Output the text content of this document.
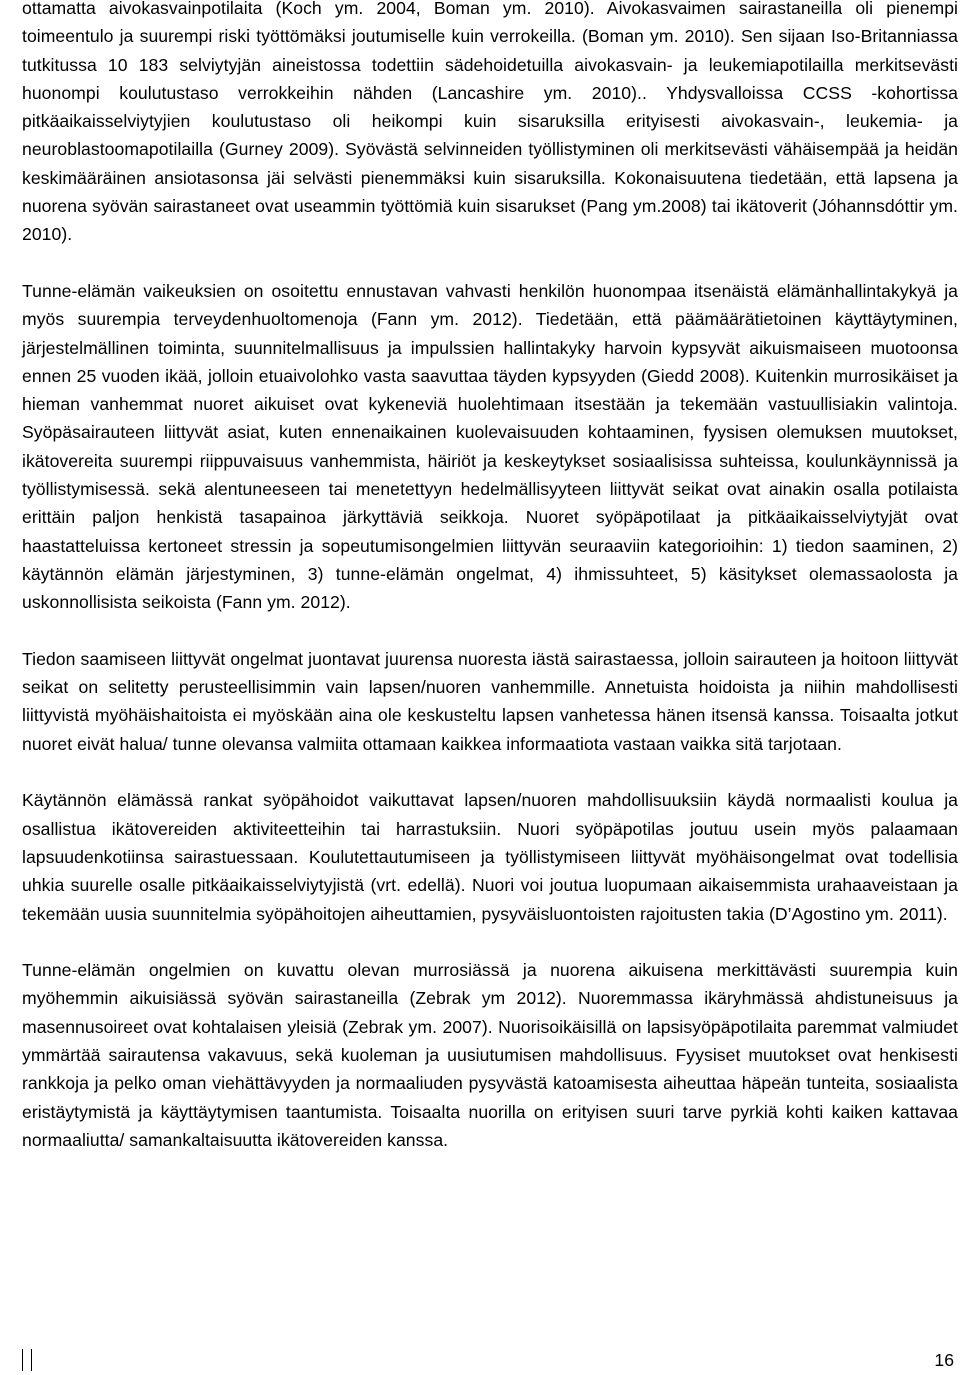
ottamatta aivokasvainpotilaita (Koch ym. 2004, Boman ym. 2010). Aivokasvaimen sairastaneilla oli pienempi toimeentulo ja suurempi riski työttömäksi joutumiselle kuin verrokeilla. (Boman ym. 2010). Sen sijaan Iso-Britanniassa tutkitussa 10 183 selviytyjän aineistossa todettiin sädehoidetuilla aivokasvain- ja leukemiapotilailla merkitsevästi huonompi koulutustaso verrokkeihin nähden (Lancashire ym. 2010).. Yhdysvalloissa CCSS -kohortissa pitkäaikaisselviytyjien koulutustaso oli heikompi kuin sisaruksilla erityisesti aivokasvain-, leukemia- ja neuroblastoomapotilailla (Gurney 2009). Syövästä selvinneiden työllistyminen oli merkitsevästi vähäisempää ja heidän keskimääräinen ansiotasonsa jäi selvästi pienemmäksi kuin sisaruksilla. Kokonaisuutena tiedetään, että lapsena ja nuorena syövän sairastaneet ovat useammin työttömiä kuin sisarukset (Pang ym.2008) tai ikätoverit (Jóhannsdóttir ym. 2010).

Tunne-elämän vaikeuksien on osoitettu ennustavan vahvasti henkilön huonompaa itsenäistä elämänhallintakykyä ja myös suurempia terveydenhuoltomenoja (Fann ym. 2012). Tiedetään, että päämäärätietoinen käyttäytyminen, järjestelmällinen toiminta, suunnitelmallisuus ja impulssien hallintakyky harvoin kypsyvät aikuismaiseen muotoonsa ennen 25 vuoden ikää, jolloin etuaivolohko vasta saavuttaa täyden kypsyyden (Giedd 2008). Kuitenkin murrosikäiset ja hieman vanhemmat nuoret aikuiset ovat kykeneviä huolehtimaan itsestään ja tekemään vastuullisiakin valintoja. Syöpäsairauteen liittyvät asiat, kuten ennenaikainen kuolevaisuuden kohtaaminen, fyysisen olemuksen muutokset, ikätovereita suurempi riippuvaisuus vanhemmista, häiriöt ja keskeytykset sosiaalisissa suhteissa, koulunkäynnissä ja työllistymisessä. sekä alentuneeseen tai menetettyyn hedelmällisyyteen liittyvät seikat ovat ainakin osalla potilaista erittäin paljon henkistä tasapainoa järkyttäviä seikkoja. Nuoret syöpäpotilaat ja pitkäaikaisselviytyjät ovat haastatteluissa kertoneet stressin ja sopeutumisongelmien liittyvän seuraaviin kategorioihin: 1) tiedon saaminen, 2) käytännön elämän järjestyminen, 3) tunne-elämän ongelmat, 4) ihmissuhteet, 5) käsitykset olemassaolosta ja uskonnollisista seikoista (Fann ym. 2012).

Tiedon saamiseen liittyvät ongelmat juontavat juurensa nuoresta iästä sairastaessa, jolloin sairauteen ja hoitoon liittyvät seikat on selitetty perusteellisimmin vain lapsen/nuoren vanhemmille. Annetuista hoidoista ja niihin mahdollisesti liittyvistä myöhäishaitoista ei myöskään aina ole keskusteltu lapsen vanhetessa hänen itsensä kanssa. Toisaalta jotkut nuoret eivät halua/ tunne olevansa valmiita ottamaan kaikkea informaatiota vastaan vaikka sitä tarjotaan.

Käytännön elämässä rankat syöpähoidot vaikuttavat lapsen/nuoren mahdollisuuksiin käydä normaalisti koulua ja osallistua ikätovereiden aktiviteetteihin tai harrastuksiin. Nuori syöpäpotilas joutuu usein myös palaamaan lapsuudenkotiinsa sairastuessaan. Koulutettautumiseen ja työllistymiseen liittyvät myöhäisongelmat ovat todellisia uhkia suurelle osalle pitkäaikaisselviytyjistä (vrt. edellä). Nuori voi joutua luopumaan aikaisemmista urahaaveistaan ja tekemään uusia suunnitelmia syöpähoitojen aiheuttamien, pysyväisluontoisten rajoitusten takia (D’Agostino ym. 2011).

Tunne-elämän ongelmien on kuvattu olevan murrosiässä ja nuorena aikuisena merkittävästi suurempia kuin myöhemmin aikuisiässä syövän sairastaneilla (Zebrak ym 2012). Nuoremmassa ikäryhmässä ahdistuneisuus ja masennusoireet ovat kohtalaisen yleisiä (Zebrak ym. 2007). Nuorisoikäisillä on lapsisyöpäpotilaita paremmat valmiudet ymmärtää sairautensa vakavuus, sekä kuoleman ja uusiutumisen mahdollisuus. Fyysiset muutokset ovat henkisesti rankkoja ja pelko oman viehättävyyden ja normaaliuden pysyvästä katoamisesta aiheuttaa häpeän tunteita, sosiaalista eristäytymistä ja käyttäytymisen taantumista. Toisaalta nuorilla on erityisen suuri tarve pyrkiä kohti kaiken kattavaa normaaliutta/ samankaltaisuutta ikätovereiden kanssa.

16
